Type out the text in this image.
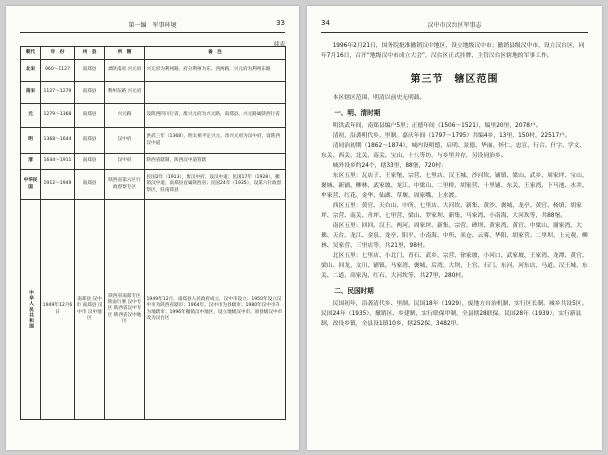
第一编　军事环境	33
续表
朝代	年　份	州　县	所　辖	备　注
北宋	960～1127	南郑县	隶陕南府 兴元府	兴元府为利州路，府分利州为东、西两路，兴元府为利州东路
南宋	1127～1279	南郑县	利州东路 兴元府	
元	1279～1368	南郑县	兴元路	设陕西四川行省，废兴元府为兴元路，南郑县、兴元路属陕西行省
明	1368～1644	南郑县	汉中府	洪武三年（1368），明太祖平定兴元，改兴元府为汉中府，设陕西汉中道
清	1644～1911	南郑县	汉中府	陕西省辖制，陕西汉中道管辖
中华民国	1912～1949	南郑县	陕西省第六区行政督察专区	民国2年（1913），废汉中府，设汉中道；民国17年（1928），撤销汉中道，南郑县直属陕西省；民国24年（1935），设第六行政督察区，驻南郑县

中华人民共和国	1949年12月6日	南郑县 汉中市 南郑县 汉中市 汉中地区	陕西省南郑专区 陕南行署 汉中专区 陕西省汉中专区 陕西省汉中地区	1949年12月，南郑县人民政府成立，汉中市设立；1950年设立汉中市为陕西省辖市；1964年，汉中市为县级市；1980年汉中市升为地辖市；1996年撤销汉中地区，设立地级汉中市，原县级汉中市改为汉台区
34	汉中市汉台区军事志

1996年2月21日，国务院批准撤销汉中地区，设立地级汉中市；撤销县级汉中市，设立汉台区，同年7月16日，召开“地级汉中市成立大会”，汉台区正式挂牌，主管汉台区辖地的军事工作。

第三节　辖区范围

本区辖区范围，明清以前史无明载。

一、明、清时期

明洪武年间，南郑县编户5里；正德年间（1506～1521），编里20里，2078户。

清初，沿袭明代乡、里制。嘉庆年间（1797～1795）共编4乡，13里，150村，22517户。

清同治初期（1862～1874），城内设明德、启明、景德、华丽、怀仁、忠宣、行合、什字、学文、东关、西关、北关、南关、宝山、十八等坊，与乡里并存，另设同治乡。

城外设乡约24个，辖33里，88堡，720村：

东区五里：瓦店子、王家堡、宗营、七里店、汉王城、沙河坎、铺镇、梁山、武乡、周家坪、宝山、褒城、新铺、柳林、武家坡、龙江、中梁山、二里桥、胡家营、十里铺、东关、王家湾、下马池、水井、牟家营、红花、金华、仙湖、草堰、周家嘴、上水渡。

西区五里：黄官、天台山、中所、七里店、大河坎、新集、黄沙、褒城、龙亭、黄官、杨填、胡家坪、宗营、南关、舟坪、七里营、梁山、罗家坝、新集、马家湾、小南海、大河坎等，共88堡。

南区五里：回回、汉王、两河、周家坪、新集、宗营、碑坝、黄家湾、黄官、中梁山、谢家湾、大佛、天台、龙江、金泉、龙亭、阳平、小南海、中所、米仓、云雾、华阳、胡家营、二里坝、上元观、柳林、吴家营、三里店等，共21里，98村。

北区五里：七里店、小北门、青石、武乡、宗营、徐家坡、小河口、武家坡、王家湾、龙潭、黄官、梁山、回龙、文川、铺镇、马家湾、褒城、后湾、大坝、上官、石门、东河、河东店、马道、汉王城、东关、二道、高家沟、红石、大河坎等，共27里，280村。

二、民国时期

民国初年，沿袭清代乡、里制。民国18年（1929），废地方自治机制，实行区长制，城乡共设5区。民国24年（1935），撤销区、乡建制，实行联保甲制，全县辖28联保。民国28年（1939），实行新县制，改设乡镇，全县设1镇10乡，辖252保，3482甲。
